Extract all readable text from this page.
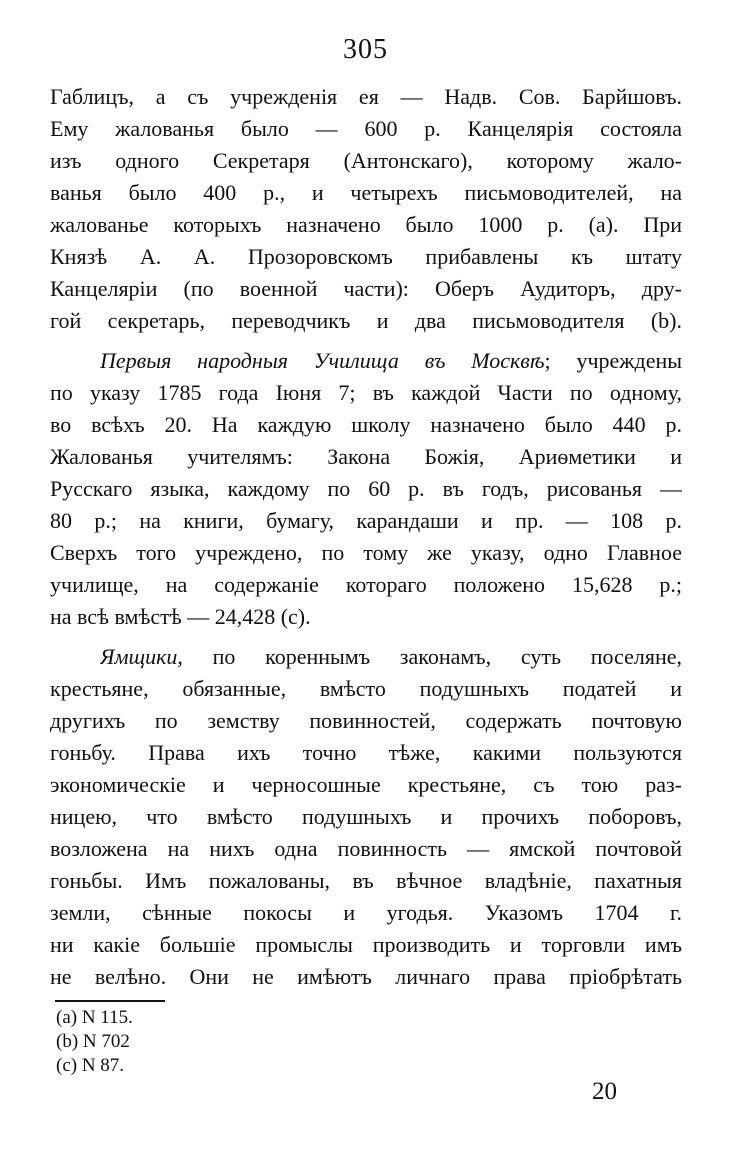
305
Габлицъ, а съ учрежденія ея — Надв. Сов. Барйшовъ.
Ему жалованья было — 600 р. Канцелярія состояла
изъ одного Секретаря (Антонскаго), которому жало-
ванья было 400 р., и четырехъ письмоводителей, на
жалованье которыхъ назначено было 1000 р. (а). При
Князѣ А. А. Прозоровскомъ прибавлены къ штату
Канцеляріи (по военной части): Оберъ Аудиторъ, дру-
гой секретарь, переводчикъ и два письмоводителя (b).
Первыя народныя Училища въ Москвѣ; учреждены
по указу 1785 года Іюня 7; въ каждой Части по одному,
во всѣхъ 20. На каждую школу назначено было 440 р.
Жалованья учителямъ: Закона Божія, Ариѳметики и
Русскаго языка, каждому по 60 р. въ годъ, рисованья —
80 р.; на книги, бумагу, карандаши и пр. — 108 р.
Сверхъ того учреждено, по тому же указу, одно Главное
училище, на содержаніе котораго положено 15,628 р.;
на всѣ вмѣстѣ — 24,428 (с).
Ямщики, по кореннымъ законамъ, суть поселяне,
крестьяне, обязанные, вмѣсто подушныхъ податей и
другихъ по земству повинностей, содержать почтовую
гоньбу. Права ихъ точно тѣже, какими пользуются
экономическіе и черносошные крестьяне, съ тою раз-
ницею, что вмѣсто подушныхъ и прочихъ поборовъ,
возложена на нихъ одна повинность — ямской почтовой
гоньбы. Имъ пожалованы, въ вѣчное владѣніе, пахатныя
земли, сѣнные покосы и угодья. Указомъ 1704 г.
ни какіе большіе промыслы производить и торговли имъ
не велѣно. Они не имѣютъ личнаго права пріобрѣтать
(а) N 115.
(b) N 702
(с) N 87.
20
